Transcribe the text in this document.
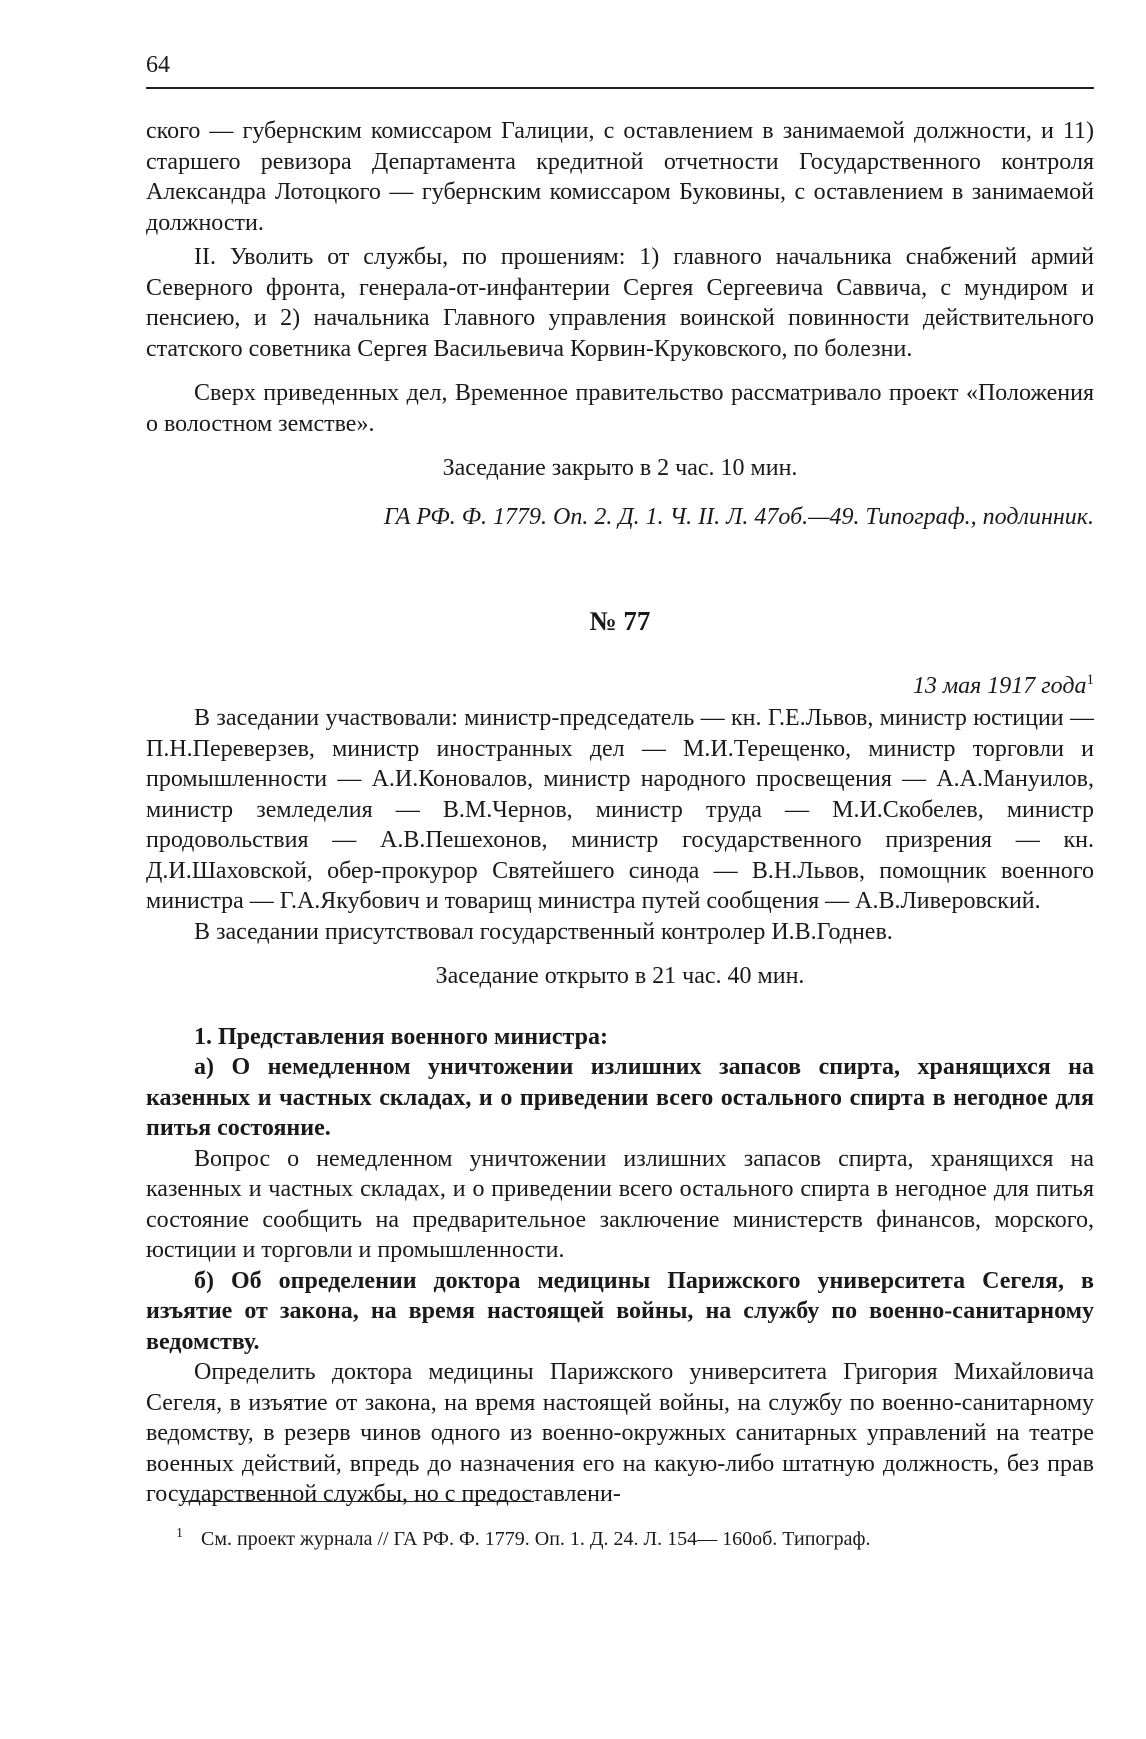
64

ского — губернским комиссаром Галиции, с оставлением в занимаемой должности, и 11) старшего ревизора Департамента кредитной отчетности Государственного контроля Александра Лотоцкого — губернским комиссаром Буковины, с оставлением в занимаемой должности.

II. Уволить от службы, по прошениям: 1) главного начальника снабжений армий Северного фронта, генерала-от-инфантерии Сергея Сергеевича Саввича, с мундиром и пенсиею, и 2) начальника Главного управления воинской повинности действительного статского советника Сергея Васильевича Корвин-Круковского, по болезни.

Сверх приведенных дел, Временное правительство рассматривало проект «Положения о волостном земстве».

Заседание закрыто в 2 час. 10 мин.

ГА РФ. Ф. 1779. Оп. 2. Д. 1. Ч. II. Л. 47об.—49. Типограф., подлинник.

№ 77

13 мая 1917 года$^1$

В заседании участвовали: министр-председатель — кн. Г.Е.Львов, министр юстиции — П.Н.Переверзев, министр иностранных дел — М.И.Терещенко, министр торговли и промышленности — А.И.Коновалов, министр народного просвещения — А.А.Мануилов, министр земледелия — В.М.Чернов, министр труда — М.И.Скобелев, министр продовольствия — А.В.Пешехонов, министр государственного призрения — кн. Д.И.Шаховской, обер-прокурор Святейшего синода — В.Н.Львов, помощник военного министра — Г.А.Якубович и товарищ министра путей сообщения — А.В.Ливеровский.

В заседании присутствовал государственный контролер И.В.Годнев.

Заседание открыто в 21 час. 40 мин.

1. Представления военного министра:

а) О немедленном уничтожении излишних запасов спирта, хранящихся на казенных и частных складах, и о приведении всего остального спирта в негодное для питья состояние.

Вопрос о немедленном уничтожении излишних запасов спирта, хранящихся на казенных и частных складах, и о приведении всего остального спирта в негодное для питья состояние сообщить на предварительное заключение министерств финансов, морского, юстиции и торговли и промышленности.

б) Об определении доктора медицины Парижского университета Сегеля, в изъятие от закона, на время настоящей войны, на службу по военно-санитарному ведомству.

Определить доктора медицины Парижского университета Григория Михайловича Сегеля, в изъятие от закона, на время настоящей войны, на службу по военно-санитарному ведомству, в резерв чинов одного из военно-окружных санитарных управлений на театре военных действий, впредь до назначения его на какую-либо штатную должность, без прав государственной службы, но с предоставлени-

$^1$ См. проект журнала // ГА РФ. Ф. 1779. Оп. 1. Д. 24. Л. 154— 160об. Типограф.
